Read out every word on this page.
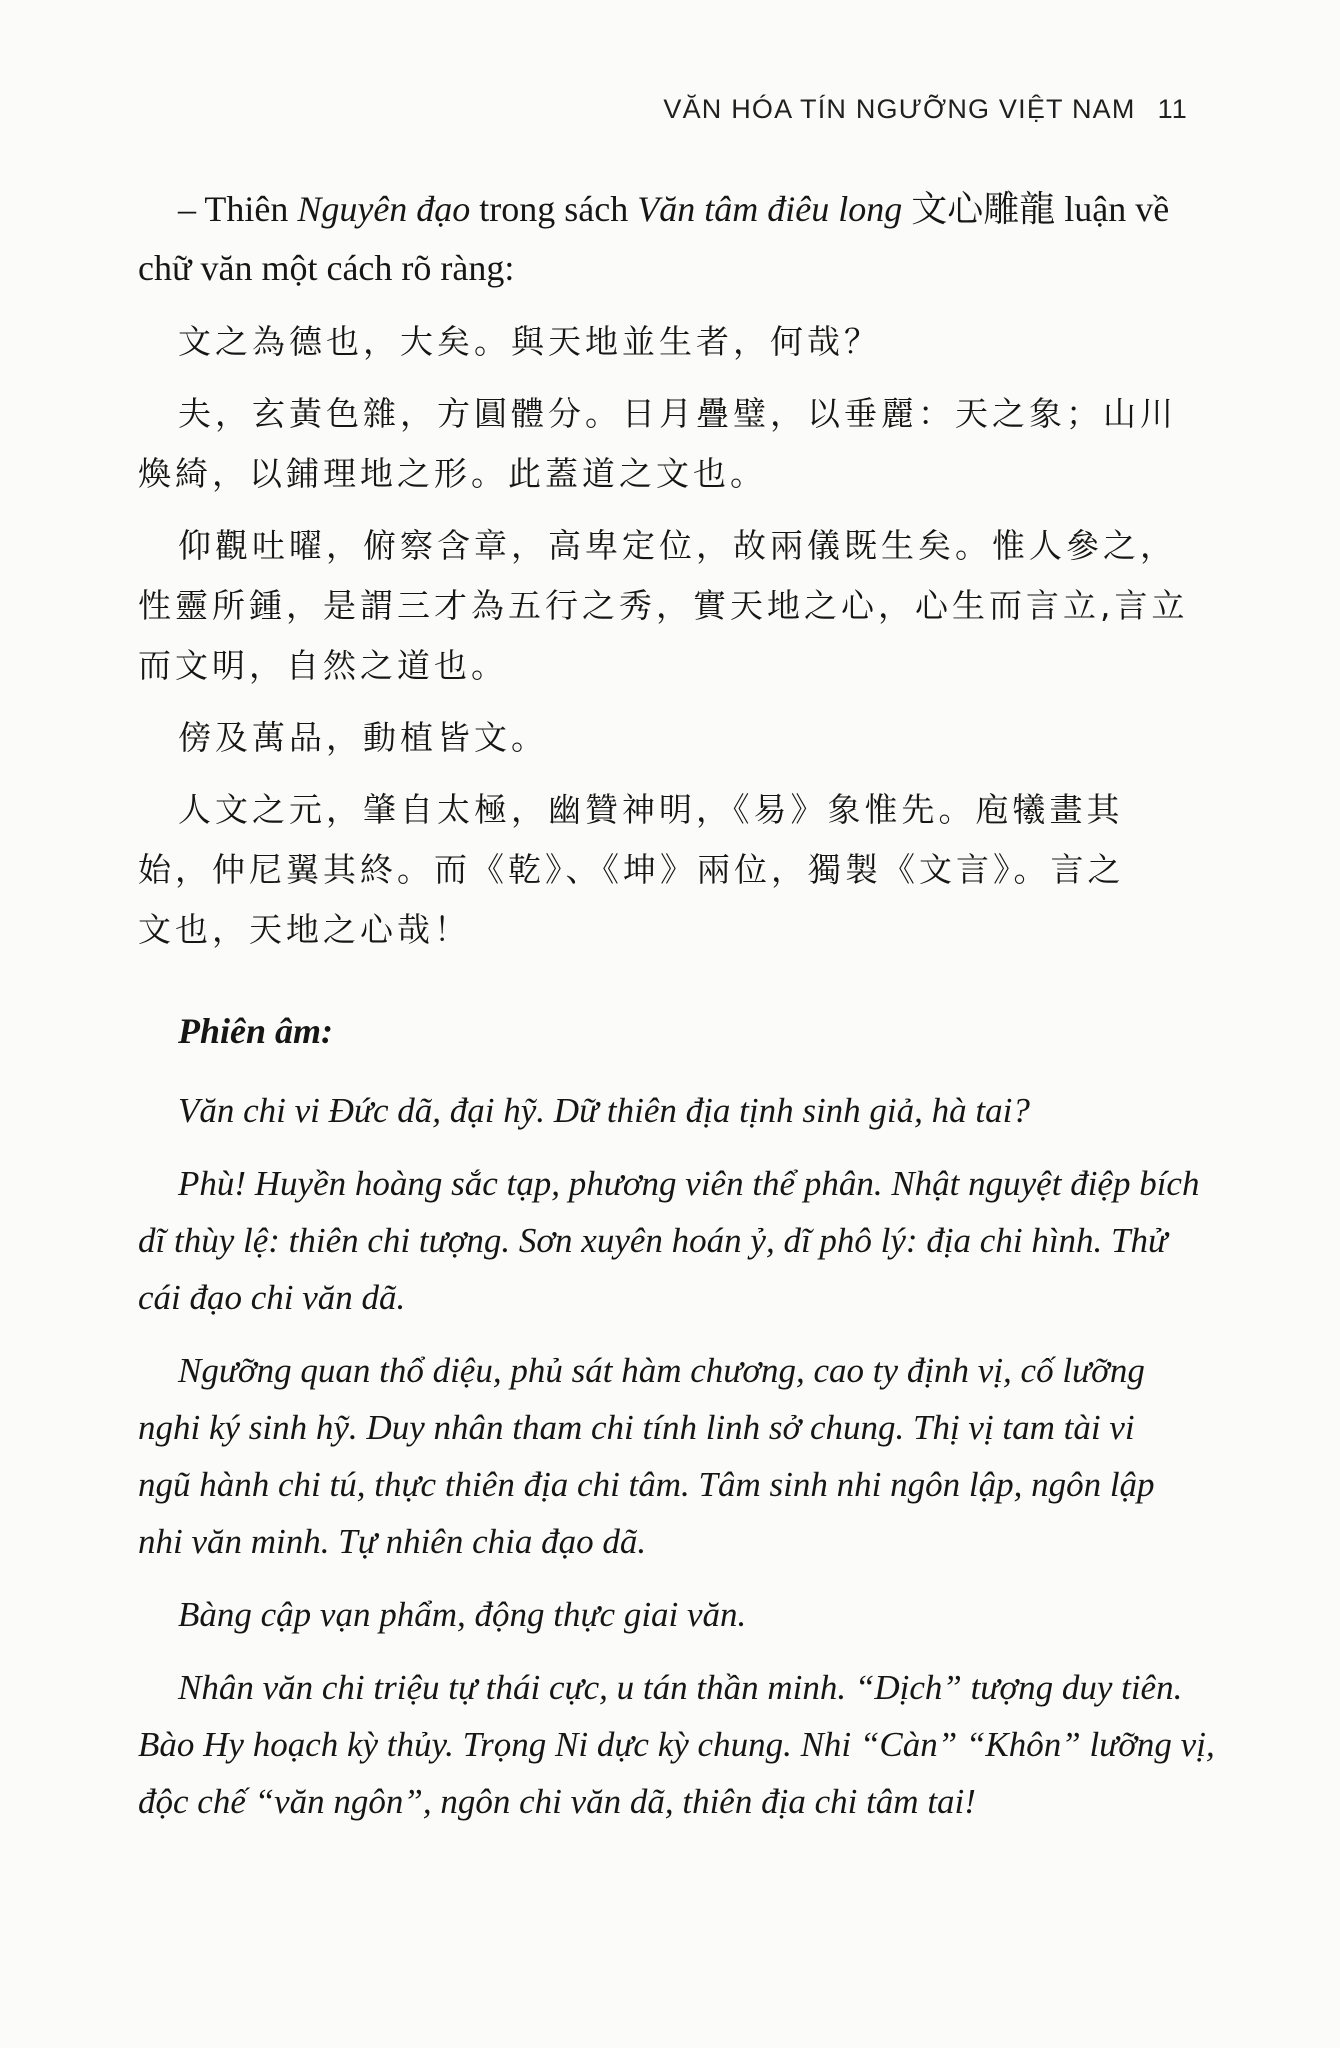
VĂN HÓA TÍN NGƯỠNG VIỆT NAM 11

– Thiên Nguyên đạo trong sách Văn tâm điêu long 文心雕龍 luận về
chữ văn một cách rõ ràng:

文之為德也，大矣。與天地並生者，何哉？

夫，玄黃色雜，方圓體分。日月疊璧，以垂麗：天之象；山川
煥綺，以鋪理地之形。此蓋道之文也。

仰觀吐曜，俯察含章，高卑定位，故兩儀既生矣。惟人參之，
性靈所鍾，是謂三才為五行之秀，實天地之心，心生而言立,言立
而文明，自然之道也。

傍及萬品，動植皆文。

人文之元，肇自太極，幽贊神明，《易》象惟先。庖犧畫其
始，仲尼翼其終。而《乾》、《坤》兩位，獨製《文言》。言之
文也，天地之心哉！

Phiên âm:

Văn chi vi Đức dã, đại hỹ. Dữ thiên địa tịnh sinh giả, hà tai?

Phù! Huyền hoàng sắc tạp, phương viên thể phân. Nhật nguyệt điệp bích
dĩ thùy lệ: thiên chi tượng. Sơn xuyên hoán ỷ, dĩ phô lý: địa chi hình. Thử
cái đạo chi văn dã.

Ngưỡng quan thổ diệu, phủ sát hàm chương, cao ty định vị, cố lưỡng
nghi ký sinh hỹ. Duy nhân tham chi tính linh sở chung. Thị vị tam tài vi
ngũ hành chi tú, thực thiên địa chi tâm. Tâm sinh nhi ngôn lập, ngôn lập
nhi văn minh. Tự nhiên chia đạo dã.

Bàng cập vạn phẩm, động thực giai văn.

Nhân văn chi triệu tự thái cực, u tán thần minh. “Dịch” tượng duy tiên.
Bào Hy hoạch kỳ thủy. Trọng Ni dực kỳ chung. Nhi “Càn” “Khôn” lưỡng vị,
độc chế “văn ngôn”, ngôn chi văn dã, thiên địa chi tâm tai!
